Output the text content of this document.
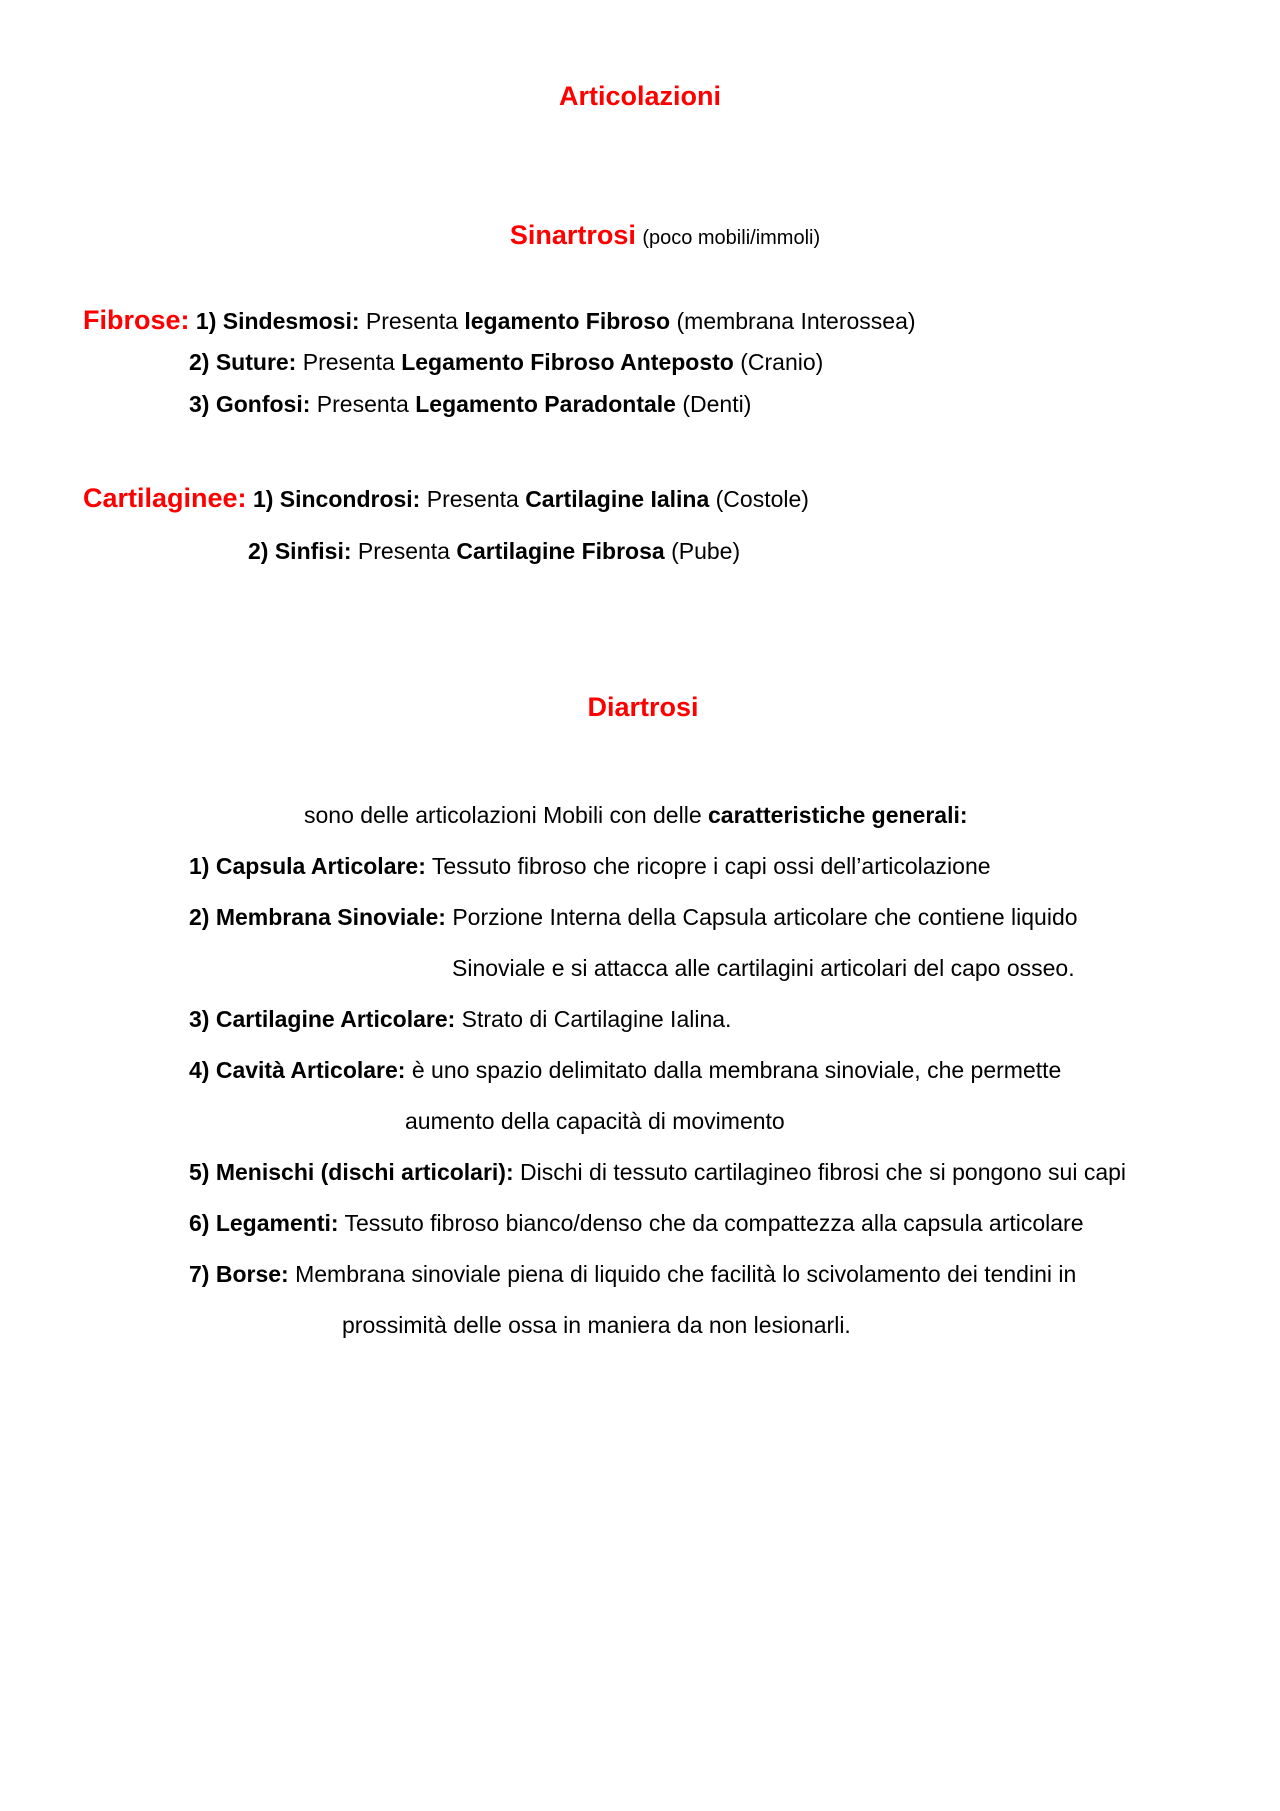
Articolazioni
Sinartrosi (poco mobili/immoli)
Fibrose: 1) Sindesmosi: Presenta legamento Fibroso (membrana Interossea)
2) Suture: Presenta Legamento Fibroso Anteposto (Cranio)
3) Gonfosi: Presenta Legamento Paradontale (Denti)
Cartilaginee: 1) Sincondrosi: Presenta Cartilagine Ialina (Costole)
2) Sinfisi: Presenta Cartilagine Fibrosa (Pube)
Diartrosi
sono delle articolazioni Mobili con delle caratteristiche generali:
1) Capsula Articolare: Tessuto fibroso che ricopre i capi ossi dell’articolazione
2) Membrana Sinoviale: Porzione Interna della Capsula articolare che contiene liquido
Sinoviale e si attacca alle cartilagini articolari del capo osseo.
3) Cartilagine Articolare: Strato di Cartilagine Ialina.
4) Cavità Articolare: è uno spazio delimitato dalla membrana sinoviale, che permette
aumento della capacità di movimento
5) Menischi (dischi articolari): Dischi di tessuto cartilagineo fibrosi che si pongono sui capi
6) Legamenti: Tessuto fibroso bianco/denso che da compattezza alla capsula articolare
7) Borse: Membrana sinoviale piena di liquido che facilità lo scivolamento dei tendini in
prossimità delle ossa in maniera da non lesionarli.
